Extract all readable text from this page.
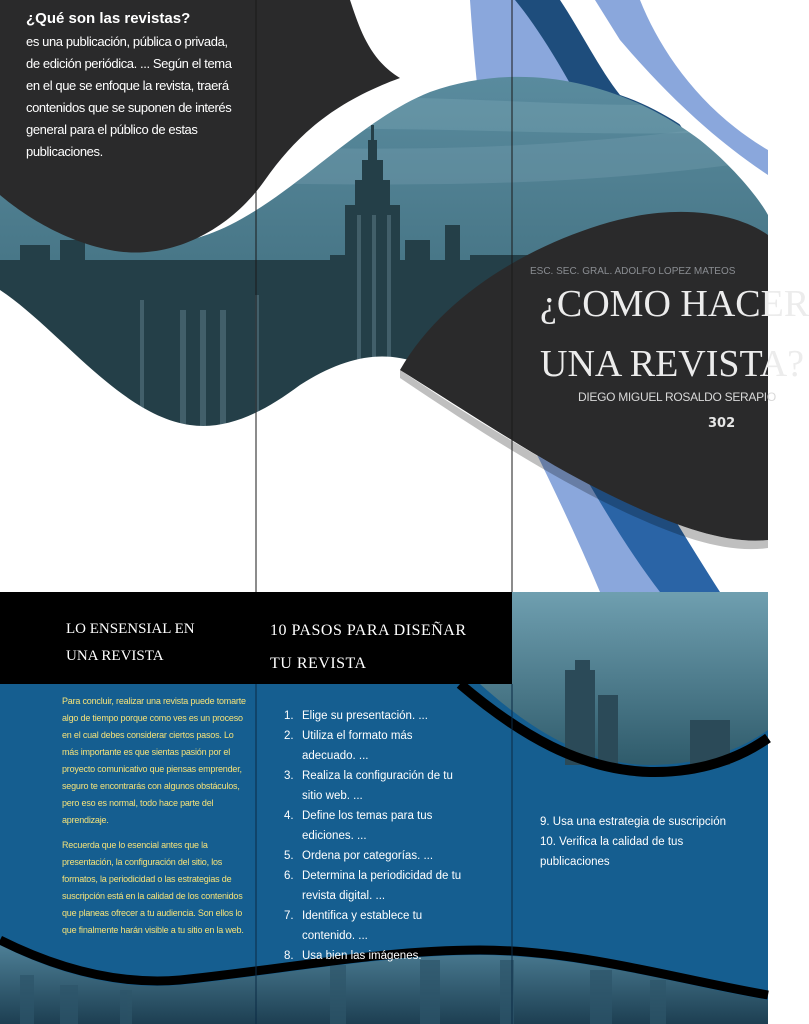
¿Qué son las revistas?
es una publicación, pública o privada, de edición periódica. ... Según el tema en el que se enfoque la revista, traerá contenidos que se suponen de interés general para el público de estas publicaciones.
ESC. SEC. GRAL. ADOLFO LOPEZ MATEOS
¿COMO HACER
UNA REVISTA?
DIEGO MIGUEL ROSALDO SERAPIO
302
LO ENSENSIAL EN UNA REVISTA

Para concluir, realizar una revista puede tomarte algo de tiempo porque como ves es un proceso en el cual debes considerar ciertos pasos. Lo más importante es que sientas pasión por el proyecto comunicativo que piensas emprender, seguro te encontrarás con algunos obstáculos, pero eso es normal, todo hace parte del aprendizaje.

Recuerda que lo esencial antes que la presentación, la configuración del sitio, los formatos, la periodicidad o las estrategias de suscripción está en la calidad de los contenidos que planeas ofrecer a tu audiencia. Son ellos lo que finalmente harán visible a tu sitio en la web.

10 PASOS PARA DISEÑAR TU REVISTA
1. Elige su presentación. ...
2. Utiliza el formato más adecuado. ...
3. Realiza la configuración de tu sitio web. ...
4. Define los temas para tus ediciones. ...
5. Ordena por categorías. ...
6. Determina la periodicidad de tu revista digital. ...
7. Identifica y establece tu contenido. ...
8. Usa bien las imágenes.
9. Usa una estrategia de suscripción
10. Verifica la calidad de tus publicaciones
